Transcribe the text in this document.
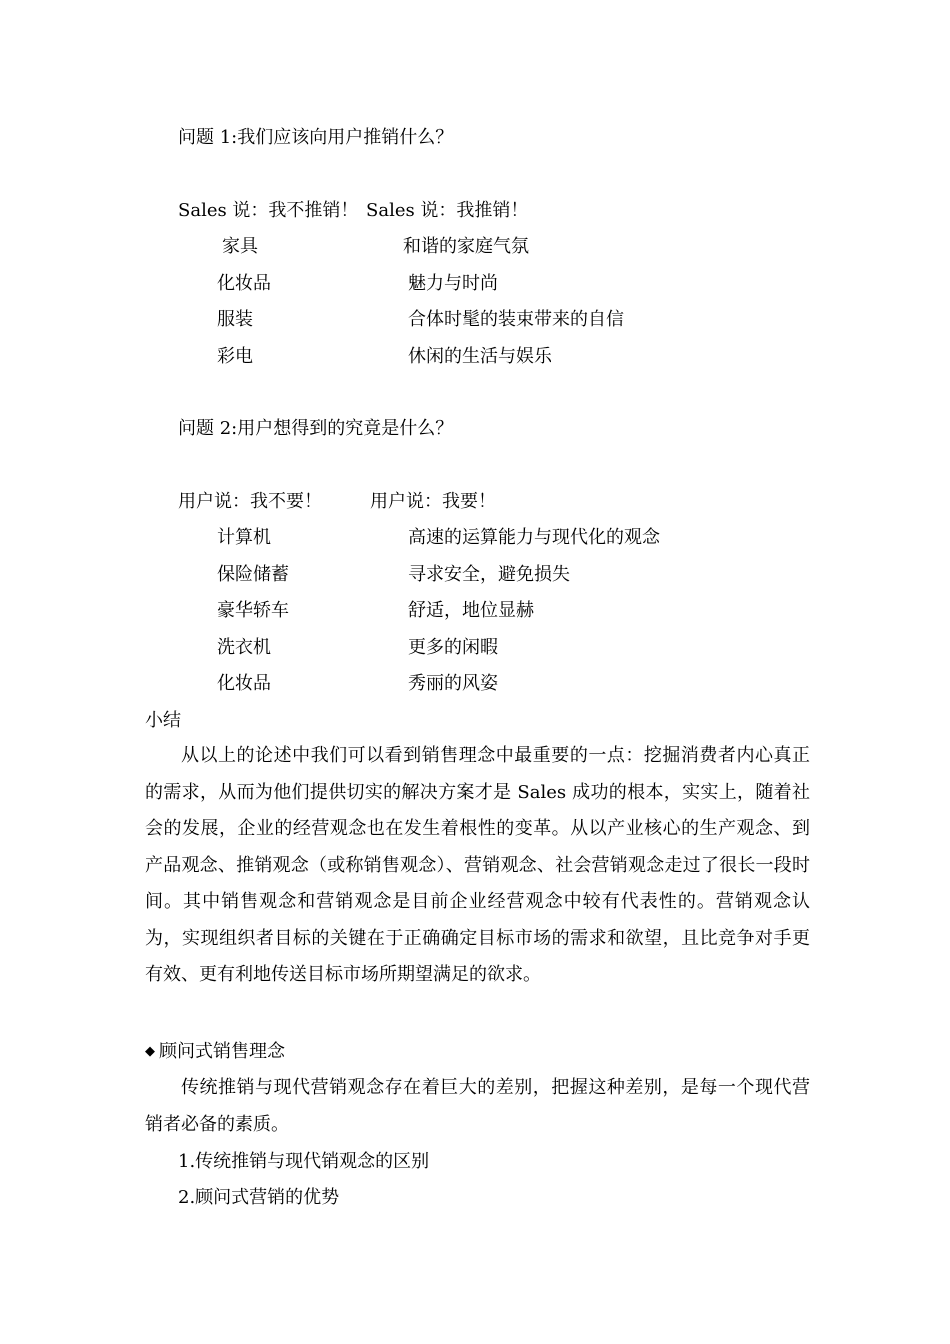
问题 1:我们应该向用户推销什么？
Sales 说：我不推销！ Sales 说：我推销！
家具	和谐的家庭气氛
化妆品	魅力与时尚
服装	合体时髦的装束带来的自信
彩电	休闲的生活与娱乐
问题 2:用户想得到的究竟是什么？
用户说：我不要！	用户说：我要！
计算机	高速的运算能力与现代化的观念
保险储蓄	寻求安全，避免损失
豪华轿车	舒适，地位显赫
洗衣机	更多的闲暇
化妆品	秀丽的风姿
小结

从以上的论述中我们可以看到销售理念中最重要的一点：挖掘消费者内心真正的需求，从而为他们提供切实的解决方案才是 Sales 成功的根本，实实上，随着社会的发展，企业的经营观念也在发生着根性的变革。从以产业核心的生产观念、到产品观念、推销观念（或称销售观念）、营销观念、社会营销观念走过了很长一段时间。其中销售观念和营销观念是目前企业经营观念中较有代表性的。营销观念认为，实现组织者目标的关键在于正确确定目标市场的需求和欲望，且比竞争对手更有效、更有利地传送目标市场所期望满足的欲求。

◆ 顾问式销售理念

传统推销与现代营销观念存在着巨大的差别，把握这种差别，是每一个现代营销者必备的素质。

1.传统推销与现代销观念的区别
2.顾问式营销的优势
